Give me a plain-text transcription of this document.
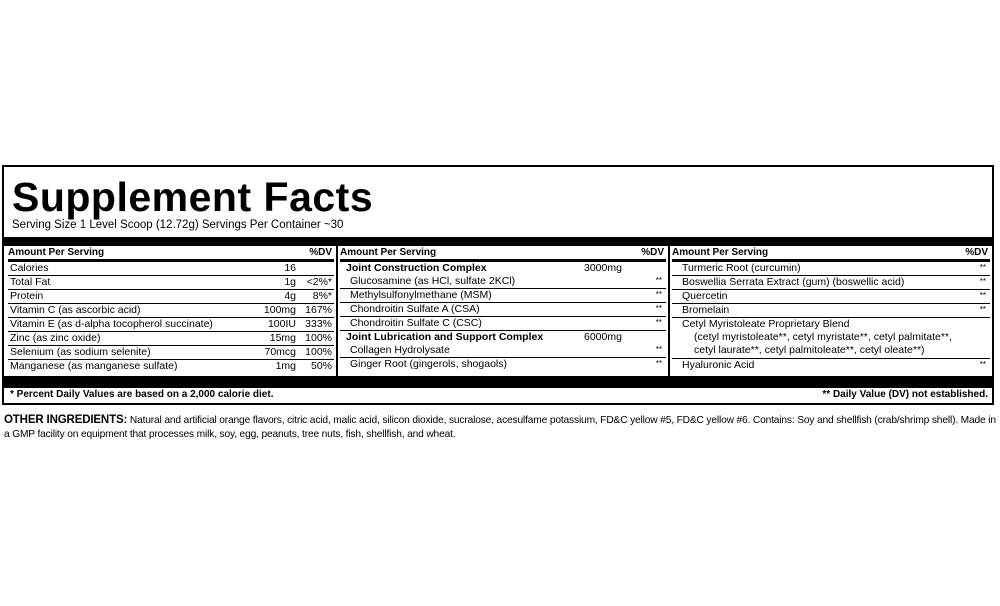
Supplement Facts
Serving Size 1 Level Scoop (12.72g) Servings Per Container ~30
Amount Per Serving	%DV
Calories	16
Total Fat	1g <2%*
Protein	4g 8%*
Vitamin C (as ascorbic acid)	100mg 167%
Vitamin E (as d-alpha tocopherol succinate)	100IU 333%
Zinc (as zinc oxide)	15mg 100%
Selenium (as sodium selenite)	70mcg 100%
Manganese (as manganese sulfate)	1mg 50%
Amount Per Serving	%DV
Joint Construction Complex	3000mg
Glucosamine (as HCl, sulfate 2KCl)	**
Methylsulfonylmethane (MSM)	**
Chondroitin Sulfate A (CSA)	**
Chondroitin Sulfate C (CSC)	**
Joint Lubrication and Support Complex	6000mg
Collagen Hydrolysate	**
Ginger Root (gingerols, shogaols)	**
Amount Per Serving	%DV
Turmeric Root (curcumin)	**
Boswellia Serrata Extract (gum) (boswellic acid)	**
Quercetin	**
Bromelain	**
Cetyl Myristoleate Proprietary Blend
(cetyl myristoleate**, cetyl myristate**, cetyl palmitate**,
cetyl laurate**, cetyl palmitoleate**, cetyl oleate**)
Hyaluronic Acid	**
* Percent Daily Values are based on a 2,000 calorie diet.	** Daily Value (DV) not established.
OTHER INGREDIENTS: Natural and artificial orange flavors, citric acid, malic acid, silicon dioxide, sucralose, acesulfame potassium, FD&C yellow #5, FD&C yellow #6. Contains: Soy and shellfish (crab/shrimp shell). Made in a GMP facility on equipment that processes milk, soy, egg, peanuts, tree nuts, fish, shellfish, and wheat.
